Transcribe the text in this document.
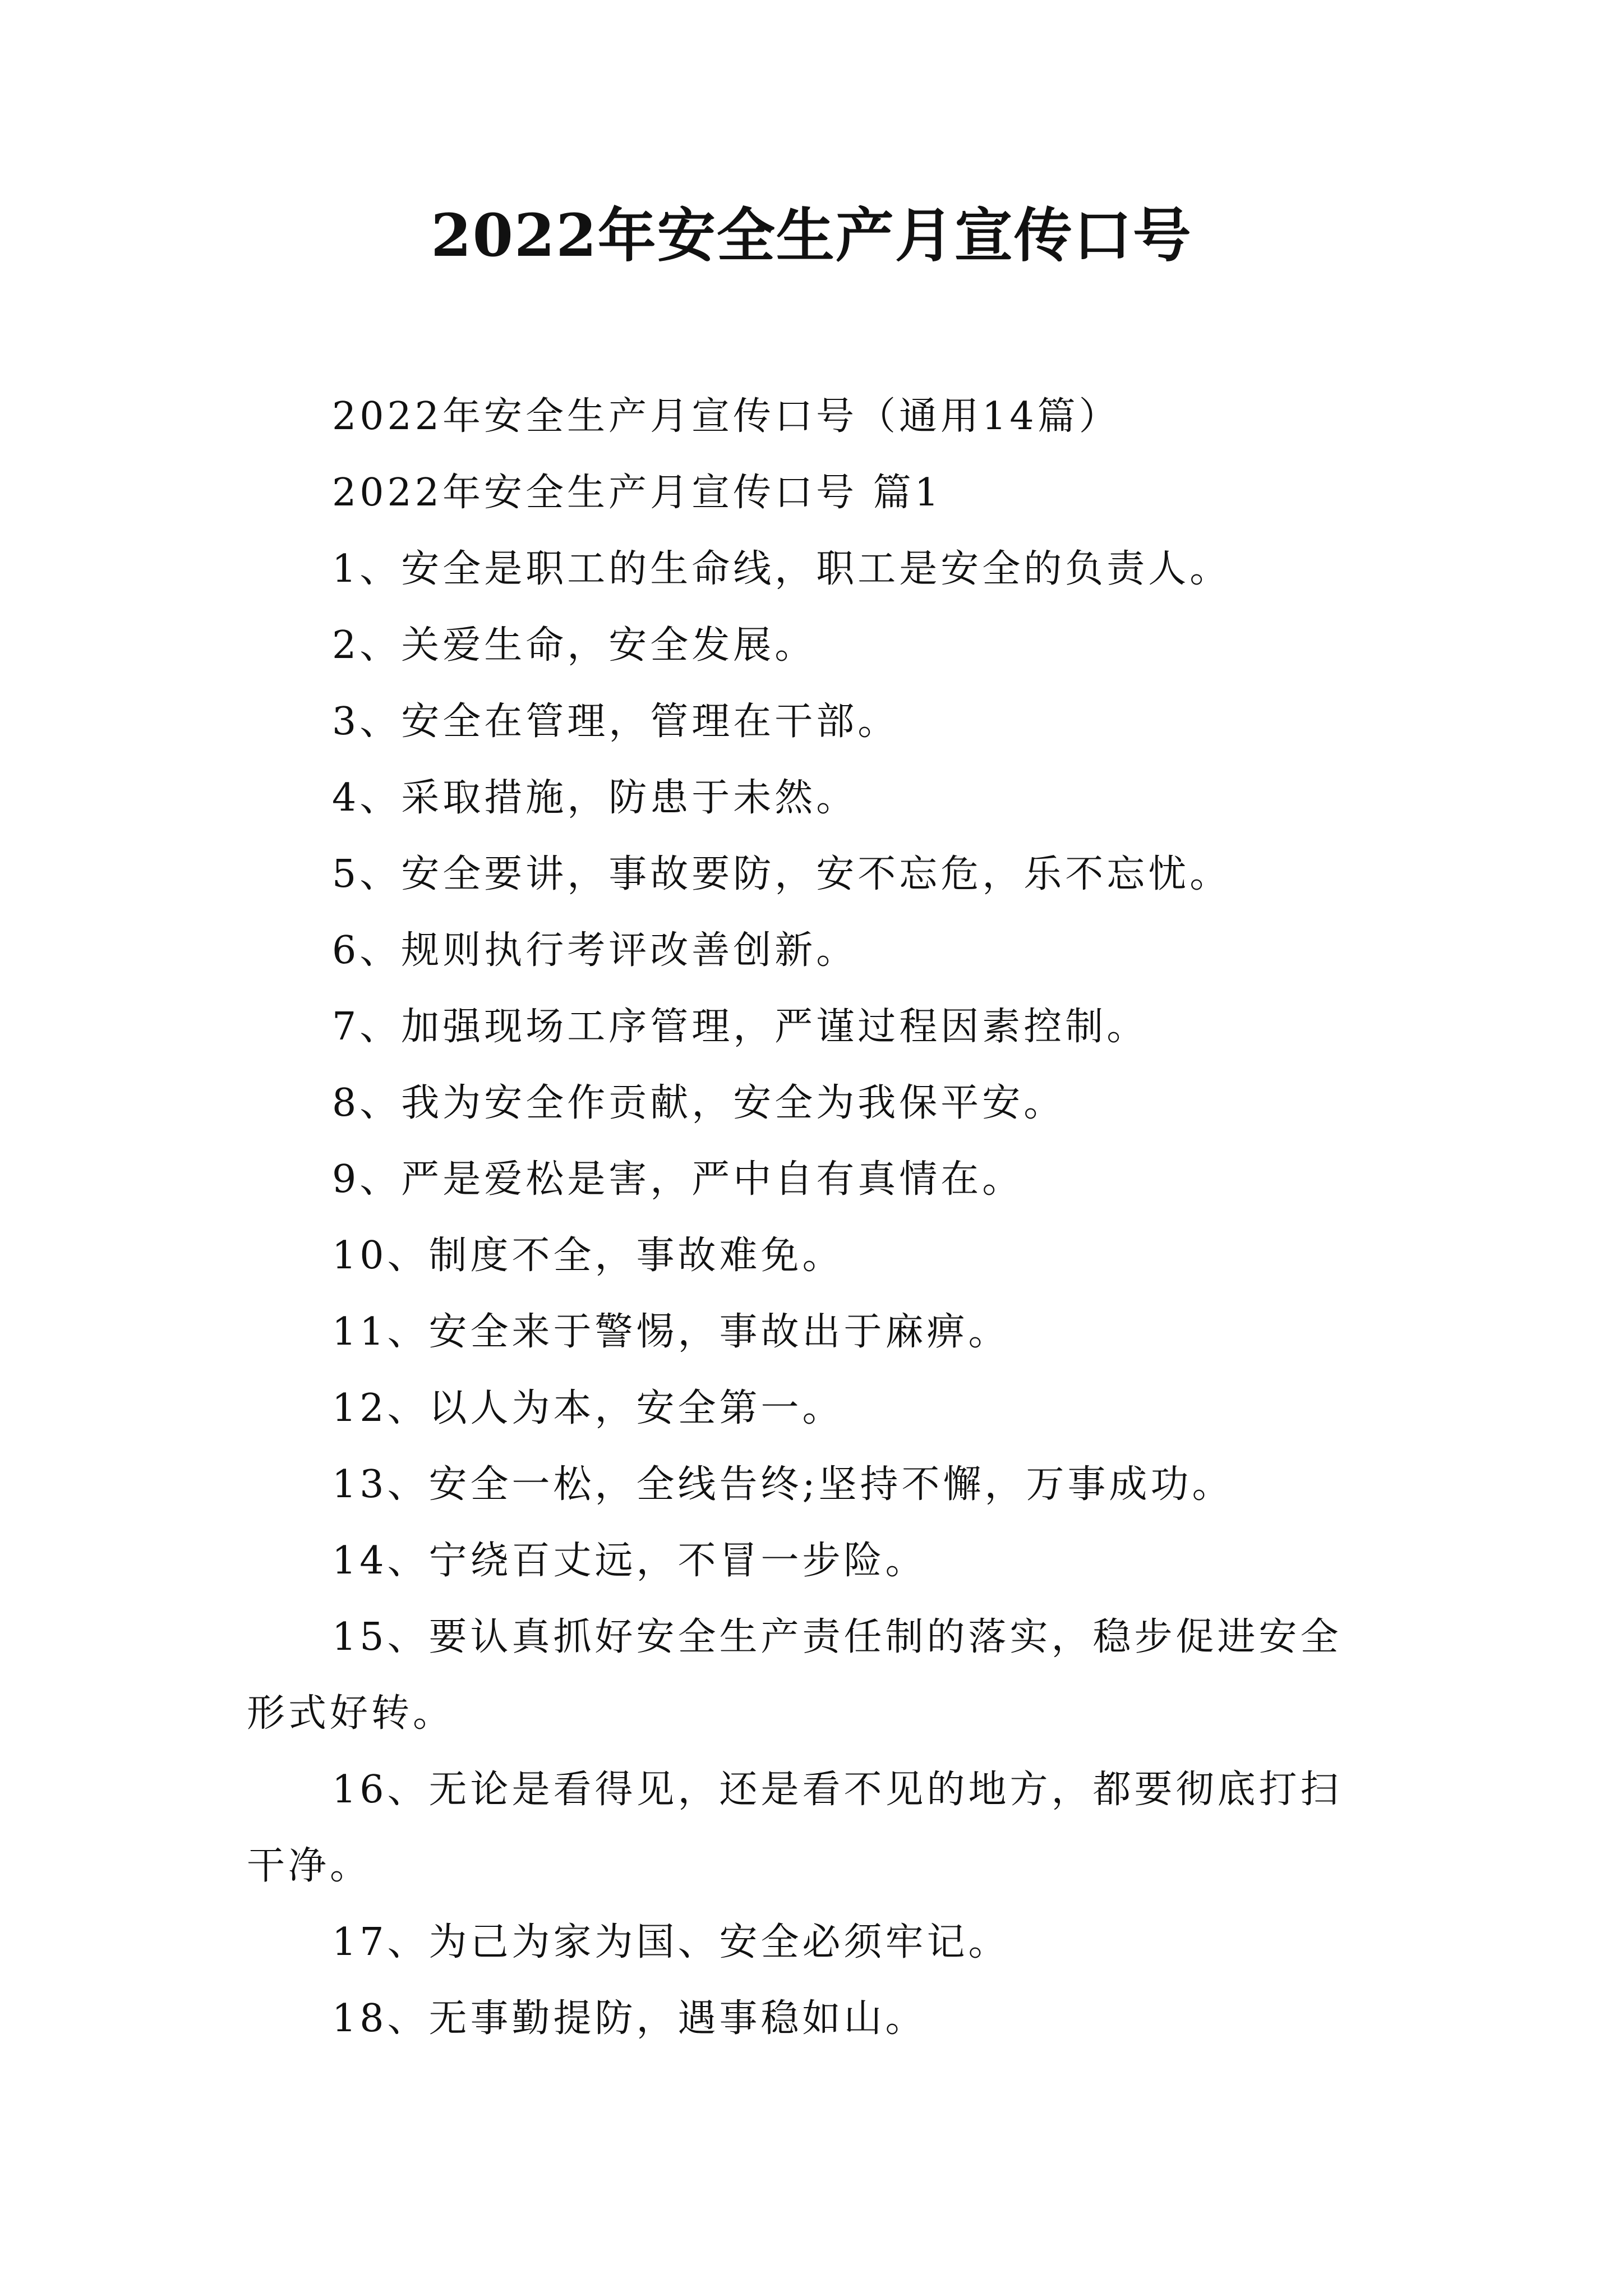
2022年安全生产月宣传口号

2022年安全生产月宣传口号（通用14篇）

2022年安全生产月宣传口号 篇1

1、安全是职工的生命线，职工是安全的负责人。

2、关爱生命，安全发展。

3、安全在管理，管理在干部。

4、采取措施，防患于未然。

5、安全要讲，事故要防，安不忘危，乐不忘忧。

6、规则执行考评改善创新。

7、加强现场工序管理，严谨过程因素控制。

8、我为安全作贡献，安全为我保平安。

9、严是爱松是害，严中自有真情在。

10、制度不全，事故难免。

11、安全来于警惕，事故出于麻痹。

12、以人为本，安全第一。

13、安全一松，全线告终;坚持不懈，万事成功。

14、宁绕百丈远，不冒一步险。

15、要认真抓好安全生产责任制的落实，稳步促进安全形式好转。

16、无论是看得见，还是看不见的地方，都要彻底打扫干净。

17、为己为家为国、安全必须牢记。

18、无事勤提防，遇事稳如山。
